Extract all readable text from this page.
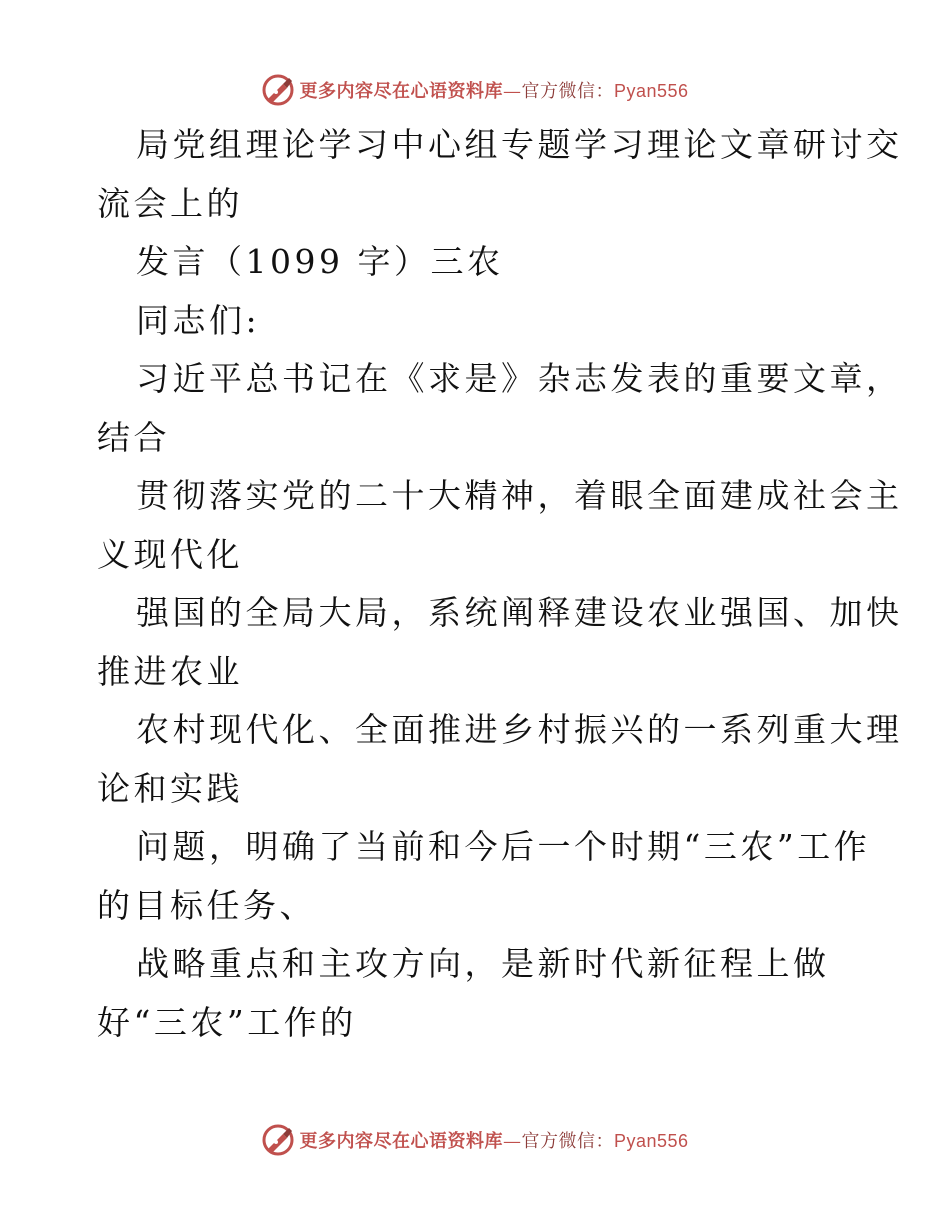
更多内容尽在心语资料库—官方微信：Pyan556
局党组理论学习中心组专题学习理论文章研讨交
流会上的
发言（1099 字）三农
同志们:
习近平总书记在《求是》杂志发表的重要文章，
结合
贯彻落实党的二十大精神，着眼全面建成社会主
义现代化
强国的全局大局，系统阐释建设农业强国、加快
推进农业
农村现代化、全面推进乡村振兴的一系列重大理
论和实践
问题，明确了当前和今后一个时期“三农”工作
的目标任务、
战略重点和主攻方向，是新时代新征程上做
好“三农”工作的
更多内容尽在心语资料库—官方微信：Pyan556
